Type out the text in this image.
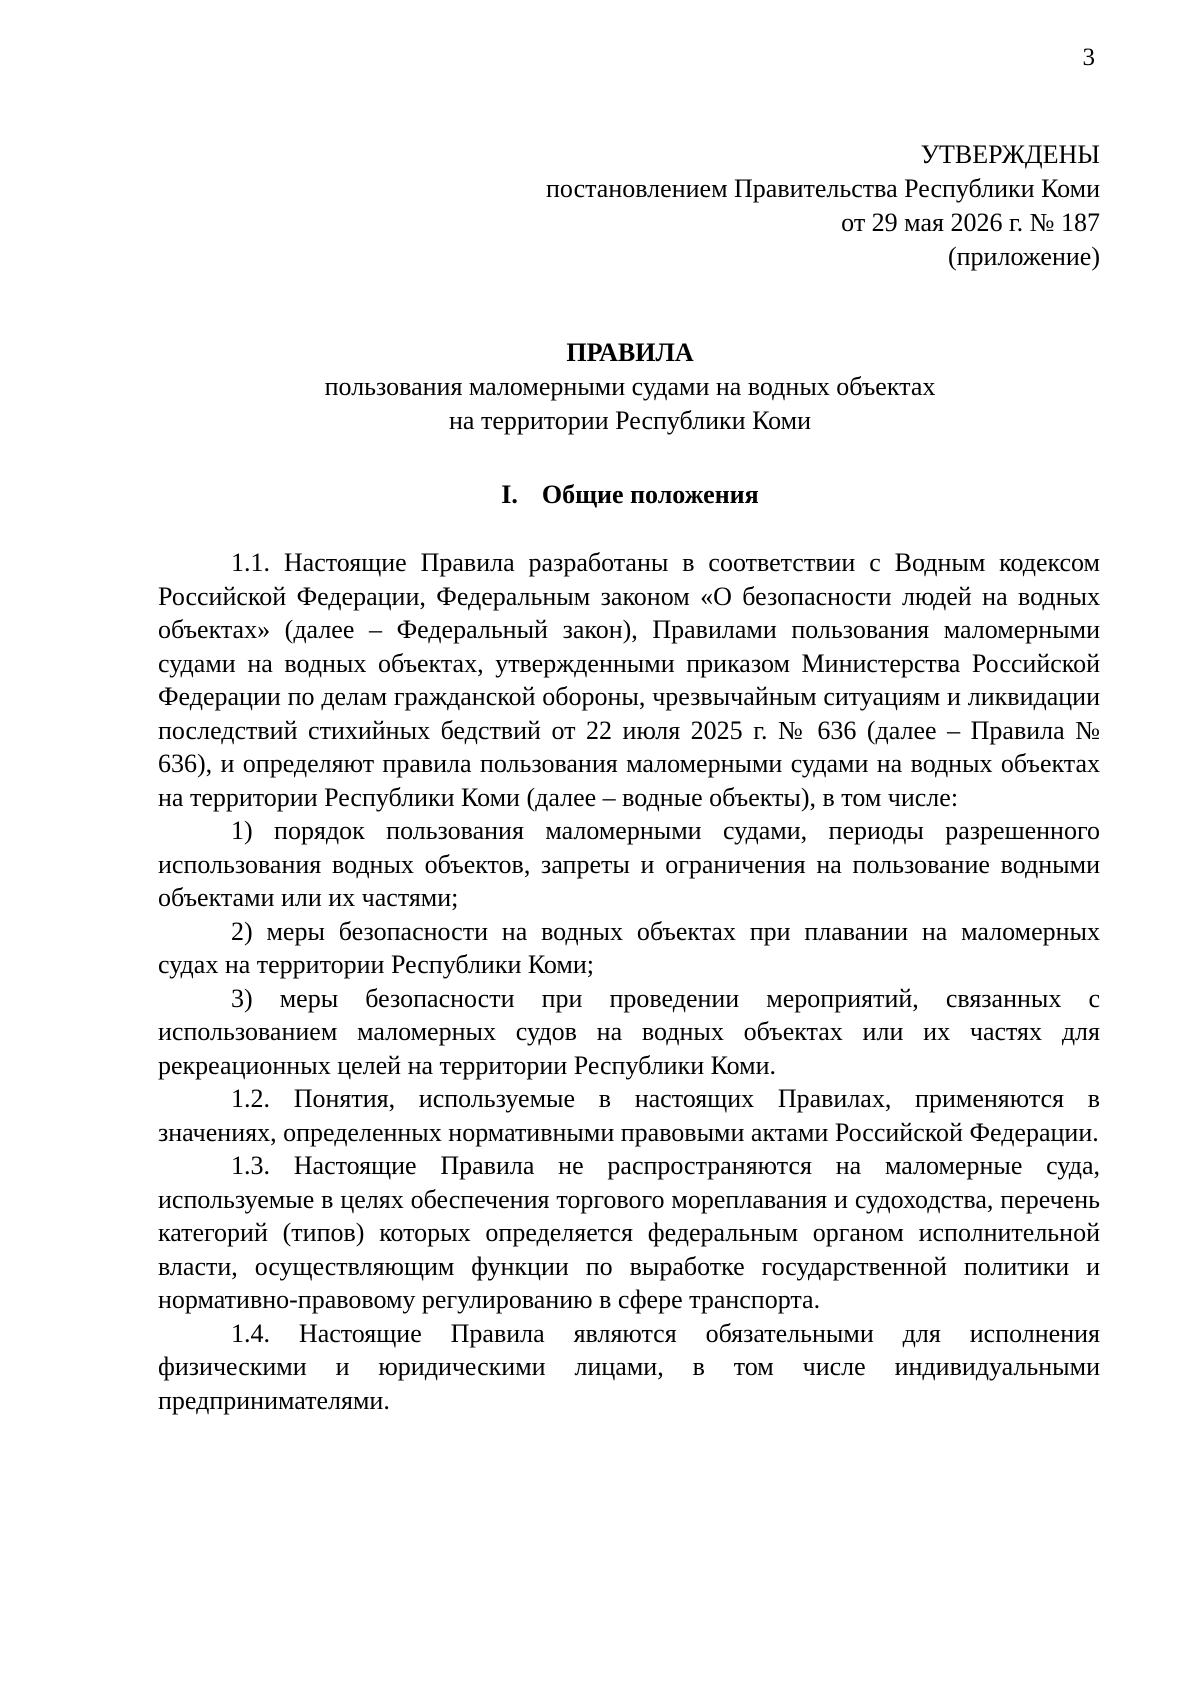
3
УТВЕРЖДЕНЫ
постановлением Правительства Республики Коми
от 29 мая 2026 г. № 187
(приложение)
ПРАВИЛА
пользования маломерными судами на водных объектах
на территории Республики Коми
I. Общие положения

1.1. Настоящие Правила разработаны в соответствии с Водным кодексом Российской Федерации, Федеральным законом «О безопасности людей на водных объектах» (далее – Федеральный закон), Правилами пользования маломерными судами на водных объектах, утвержденными приказом Министерства Российской Федерации по делам гражданской обороны, чрезвычайным ситуациям и ликвидации последствий стихийных бедствий от 22 июля 2025 г. № 636 (далее – Правила № 636), и определяют правила пользования маломерными судами на водных объектах на территории Республики Коми (далее – водные объекты), в том числе:

1) порядок пользования маломерными судами, периоды разрешенного использования водных объектов, запреты и ограничения на пользование водными объектами или их частями;

2) меры безопасности на водных объектах при плавании на маломерных судах на территории Республики Коми;

3) меры безопасности при проведении мероприятий, связанных с использованием маломерных судов на водных объектах или их частях для рекреационных целей на территории Республики Коми.

1.2. Понятия, используемые в настоящих Правилах, применяются в значениях, определенных нормативными правовыми актами Российской Федерации.

1.3. Настоящие Правила не распространяются на маломерные суда, используемые в целях обеспечения торгового мореплавания и судоходства, перечень категорий (типов) которых определяется федеральным органом исполнительной власти, осуществляющим функции по выработке государственной политики и нормативно-правовому регулированию в сфере транспорта.

1.4. Настоящие Правила являются обязательными для исполнения физическими и юридическими лицами, в том числе индивидуальными предпринимателями.
